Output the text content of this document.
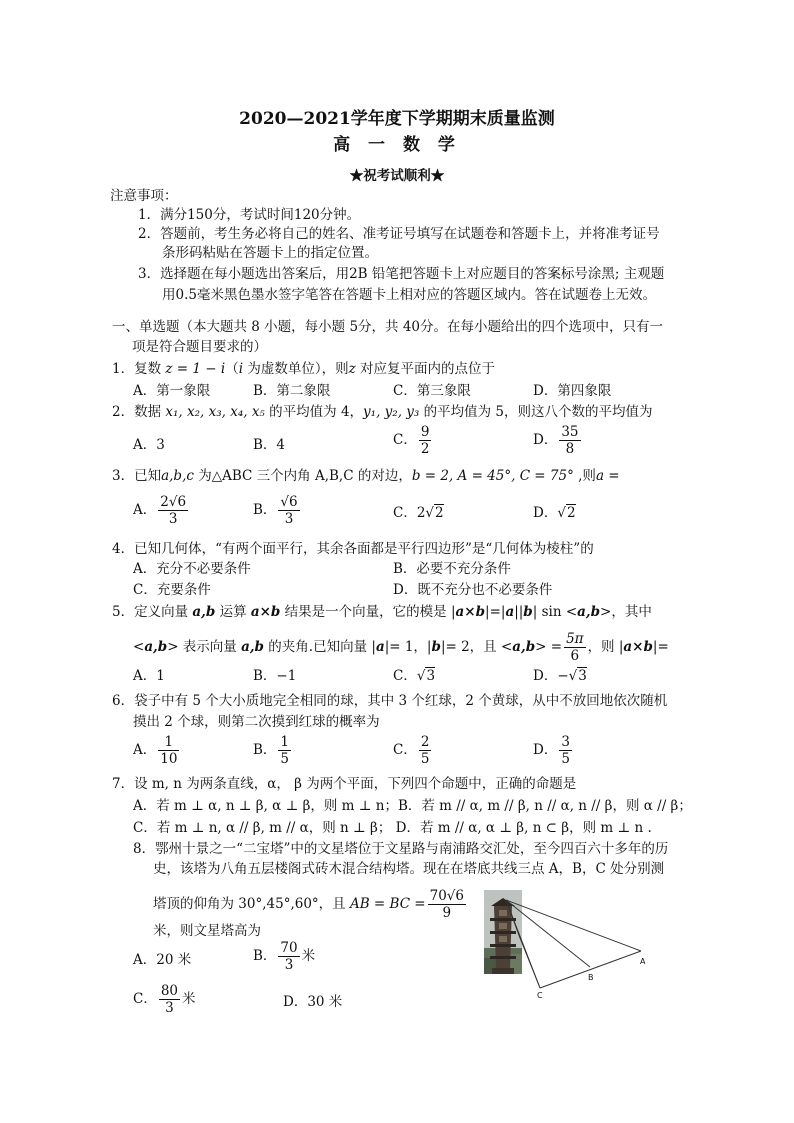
2020—2021学年度下学期期末质量监测
高 一 数 学
★祝考试顺利★
注意事项：
1．满分150分，考试时间120分钟。
2．答题前，考生务必将自己的姓名、准考证号填写在试题卷和答题卡上，并将准考证号
条形码粘贴在答题卡上的指定位置。
3．选择题在每小题选出答案后，用2B 铅笔把答题卡上对应题目的答案标号涂黑; 主观题
用0.5毫米黑色墨水签字笔答在答题卡上相对应的答题区域内。答在试题卷上无效。
一、单选题（本大题共 8 小题，每小题 5分，共 40分。在每小题给出的四个选项中，只有一
项是符合题目要求的）
1．复数 z = 1 − i（i 为虚数单位），则z 对应复平面内的点位于
A．第一象限	B．第二象限	C．第三象限	D．第四象限
2．数据 x₁, x₂, x₃, x₄, x₅ 的平均值为 4，y₁, y₂, y₃ 的平均值为 5，则这八个数的平均值为
A．3	B．4	C． $\frac{9}{2}$	D． $\frac{35}{8}$
3．已知a,b,c 为△ABC 三个内角 A,B,C 的对边，b = 2, A = 45°, C = 75° ,则a =
A． $\frac{2√6}{3}$	B． $\frac{√6}{3}$	C．2√2	D．√2
4．已知几何体，“有两个面平行，其余各面都是平行四边形”是“几何体为棱柱”的
A．充分不必要条件	B．必要不充分条件
C．充要条件	D．既不充分也不必要条件
5．定义向量 a,b 运算 a×b 结果是一个向量，它的模是 |a×b|=|a||b| sin <a,b>，其中
<a,b> 表示向量 a,b 的夹角.已知向量 |a|= 1，|b|= 2，且 $<a,b> = \frac{5\pi}{6}$ ，则 |a×b|=
A．1	B．−1	C．√3	D．−√3
6．袋子中有 5 个大小质地完全相同的球，其中 3 个红球，2 个黄球，从中不放回地依次随机
摸出 2 个球，则第二次摸到红球的概率为
A． $\frac{1}{10}$	B． $\frac{1}{5}$	C． $\frac{2}{5}$	D． $\frac{3}{5}$
7．设 m, n 为两条直线，α， β 为两个平面，下列四个命题中，正确的命题是
A．若 m ⊥ α, n ⊥ β, α ⊥ β，则 m ⊥ n；B．若 m // α, m // β, n // α, n // β，则 α // β；
C．若 m ⊥ n, α // β, m // α，则 n ⊥ β； D．若 m // α, α ⊥ β, n ⊂ β，则 m ⊥ n .
8．鄂州十景之一“二宝塔”中的文星塔位于文星路与南浦路交汇处，至今四百六十多年的历
史，该塔为八角五层楼阁式砖木混合结构塔。现在在塔底共线三点 A，B，C 处分别测
塔顶的仰角为 30°,45°,60°，且 AB = BC = $\frac{70√6}{9}$
米，则文星塔高为
A．20 米	B． $\frac{70}{3}$ 米
C． $\frac{80}{3}$ 米	D．30 米
A
B
C
